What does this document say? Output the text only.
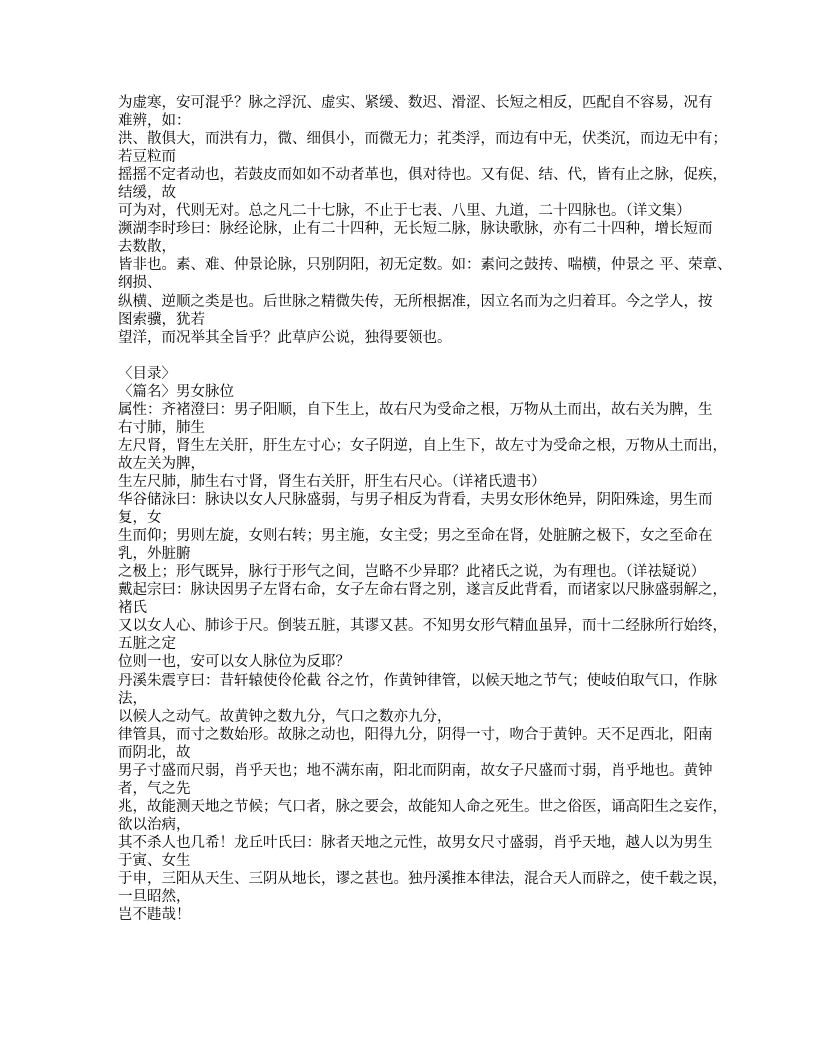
为虚寒，安可混乎？脉之浮沉、虚实、紧缓、数迟、滑涩、长短之相反，匹配自不容易，况有
难辨，如：
洪、散俱大，而洪有力，微、细俱小，而微无力；芤类浮，而边有中无，伏类沉，而边无中有；
若豆粒而
摇摇不定者动也，若鼓皮而如如不动者革也，俱对待也。又有促、结、代，皆有止之脉，促疾，
结缓，故
可为对，代则无对。总之凡二十七脉，不止于七表、八里、九道，二十四脉也。（详文集）
濒湖李时珍曰：脉经论脉，止有二十四种，无长短二脉，脉诀歌脉，亦有二十四种，增长短而
去数散，
皆非也。素、难、仲景论脉，只别阴阳，初无定数。如：素问之鼓抟、喘横，仲景之 平、荣章、
纲损、
纵横、逆顺之类是也。后世脉之精微失传，无所根据准，因立名而为之归着耳。今之学人，按
图索骥，犹若
望洋，而况举其全旨乎？此草庐公说，独得要领也。
〈目录〉
〈篇名〉男女脉位
属性：齐褚澄曰：男子阳顺，自下生上，故右尺为受命之根，万物从土而出，故右关为脾，生
右寸肺，肺生
左尺肾，肾生左关肝，肝生左寸心；女子阴逆，自上生下，故左寸为受命之根，万物从土而出，
故左关为脾，
生左尺肺，肺生右寸肾，肾生右关肝，肝生右尺心。（详褚氏遗书）
华谷储泳曰：脉诀以女人尺脉盛弱，与男子相反为背看，夫男女形休绝异，阴阳殊途，男生而
复，女
生而仰；男则左旋，女则右转；男主施，女主受；男之至命在肾，处脏腑之极下，女之至命在
乳，外脏腑
之极上；形气既异，脉行于形气之间，岂略不少异耶？此褚氏之说，为有理也。（详祛疑说）
戴起宗曰：脉诀因男子左肾右命，女子左命右肾之别，遂言反此背看，而诸家以尺脉盛弱解之，
褚氏
又以女人心、肺诊于尺。倒装五脏，其谬又甚。不知男女形气精血虽异，而十二经脉所行始终，
五脏之定
位则一也，安可以女人脉位为反耶？
丹溪朱震亨曰：昔轩辕使伶伦截 谷之竹，作黄钟律管，以候天地之节气；使岐伯取气口，作脉
法，
以候人之动气。故黄钟之数九分，气口之数亦九分，
律管具，而寸之数始形。故脉之动也，阳得九分，阴得一寸，吻合于黄钟。天不足西北，阳南
而阴北，故
男子寸盛而尺弱，肖乎天也；地不满东南，阳北而阴南，故女子尺盛而寸弱，肖乎地也。黄钟
者，气之先
兆，故能测天地之节候；气口者，脉之要会，故能知人命之死生。世之俗医，诵高阳生之妄作，
欲以治病，
其不杀人也几希！龙丘叶氏曰：脉者天地之元性，故男女尺寸盛弱，肖乎天地，越人以为男生
于寅、女生
于申，三阳从天生、三阴从地长，谬之甚也。独丹溪推本律法，混合天人而辟之，使千载之误，
一旦昭然，
岂不韪哉！
